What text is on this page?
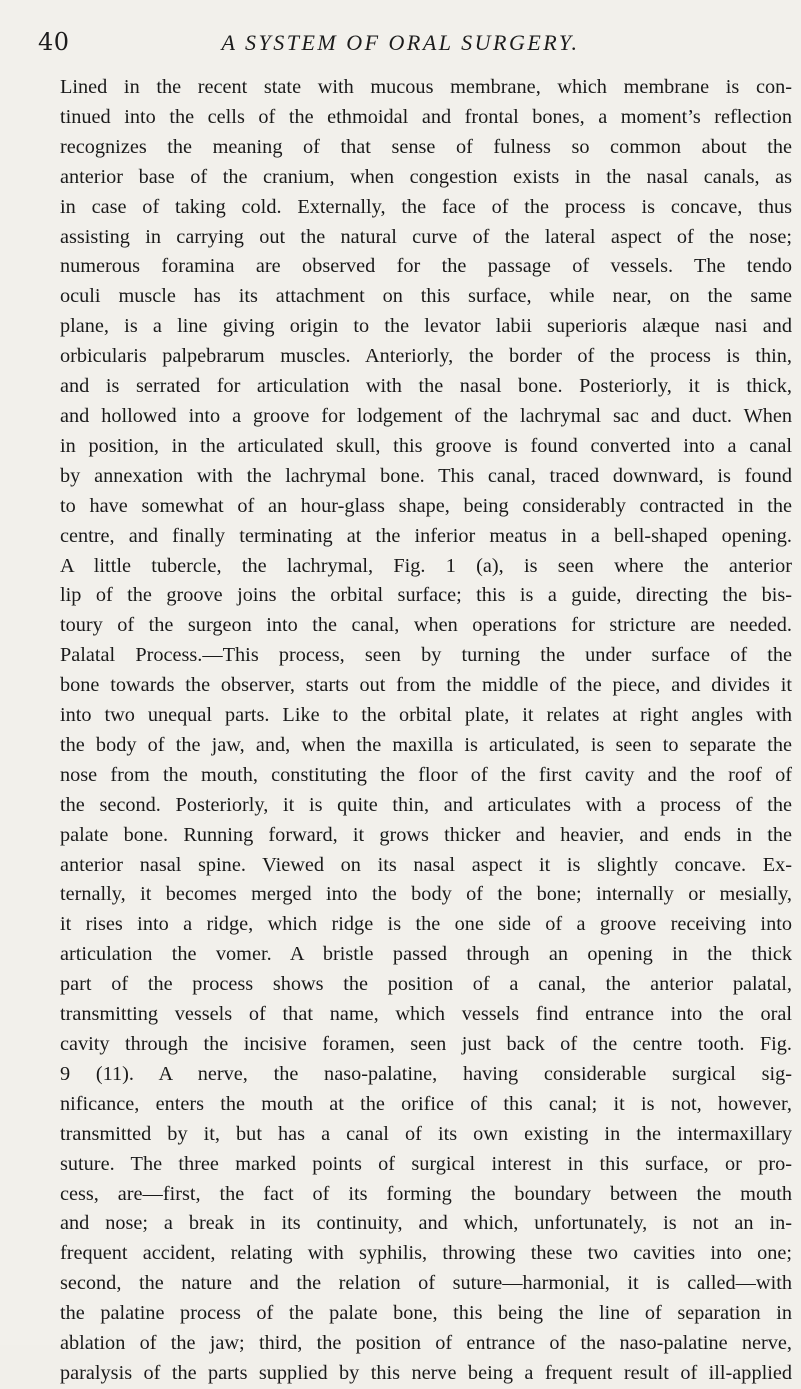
40	A SYSTEM OF ORAL SURGERY.
Lined in the recent state with mucous membrane, which membrane is con-
tinued into the cells of the ethmoidal and frontal bones, a moment’s reflection
recognizes the meaning of that sense of fulness so common about the
anterior base of the cranium, when congestion exists in the nasal canals, as
in case of taking cold. Externally, the face of the process is concave, thus
assisting in carrying out the natural curve of the lateral aspect of the nose;
numerous foramina are observed for the passage of vessels. The tendo
oculi muscle has its attachment on this surface, while near, on the same
plane, is a line giving origin to the levator labii superioris alæque nasi and
orbicularis palpebrarum muscles. Anteriorly, the border of the process is thin,
and is serrated for articulation with the nasal bone. Posteriorly, it is thick,
and hollowed into a groove for lodgement of the lachrymal sac and duct. When
in position, in the articulated skull, this groove is found converted into a canal
by annexation with the lachrymal bone. This canal, traced downward, is found
to have somewhat of an hour-glass shape, being considerably contracted in the
centre, and finally terminating at the inferior meatus in a bell-shaped opening.
A little tubercle, the lachrymal, Fig. 1 (a), is seen where the anterior
lip of the groove joins the orbital surface; this is a guide, directing the bis-
toury of the surgeon into the canal, when operations for stricture are needed.
Palatal Process.—This process, seen by turning the under surface of the
bone towards the observer, starts out from the middle of the piece, and divides it
into two unequal parts. Like to the orbital plate, it relates at right angles with
the body of the jaw, and, when the maxilla is articulated, is seen to separate the
nose from the mouth, constituting the floor of the first cavity and the roof of
the second. Posteriorly, it is quite thin, and articulates with a process of the
palate bone. Running forward, it grows thicker and heavier, and ends in the
anterior nasal spine. Viewed on its nasal aspect it is slightly concave. Ex-
ternally, it becomes merged into the body of the bone; internally or mesially,
it rises into a ridge, which ridge is the one side of a groove receiving into
articulation the vomer. A bristle passed through an opening in the thick
part of the process shows the position of a canal, the anterior palatal,
transmitting vessels of that name, which vessels find entrance into the oral
cavity through the incisive foramen, seen just back of the centre tooth. Fig.
9 (11). A nerve, the naso-palatine, having considerable surgical sig-
nificance, enters the mouth at the orifice of this canal; it is not, however,
transmitted by it, but has a canal of its own existing in the intermaxillary
suture. The three marked points of surgical interest in this surface, or pro-
cess, are—first, the fact of its forming the boundary between the mouth
and nose; a break in its continuity, and which, unfortunately, is not an in-
frequent accident, relating with syphilis, throwing these two cavities into one;
second, the nature and the relation of suture—harmonial, it is called—with
the palatine process of the palate bone, this being the line of separation in
ablation of the jaw; third, the position of entrance of the naso-palatine nerve,
paralysis of the parts supplied by this nerve being a frequent result of ill-applied
